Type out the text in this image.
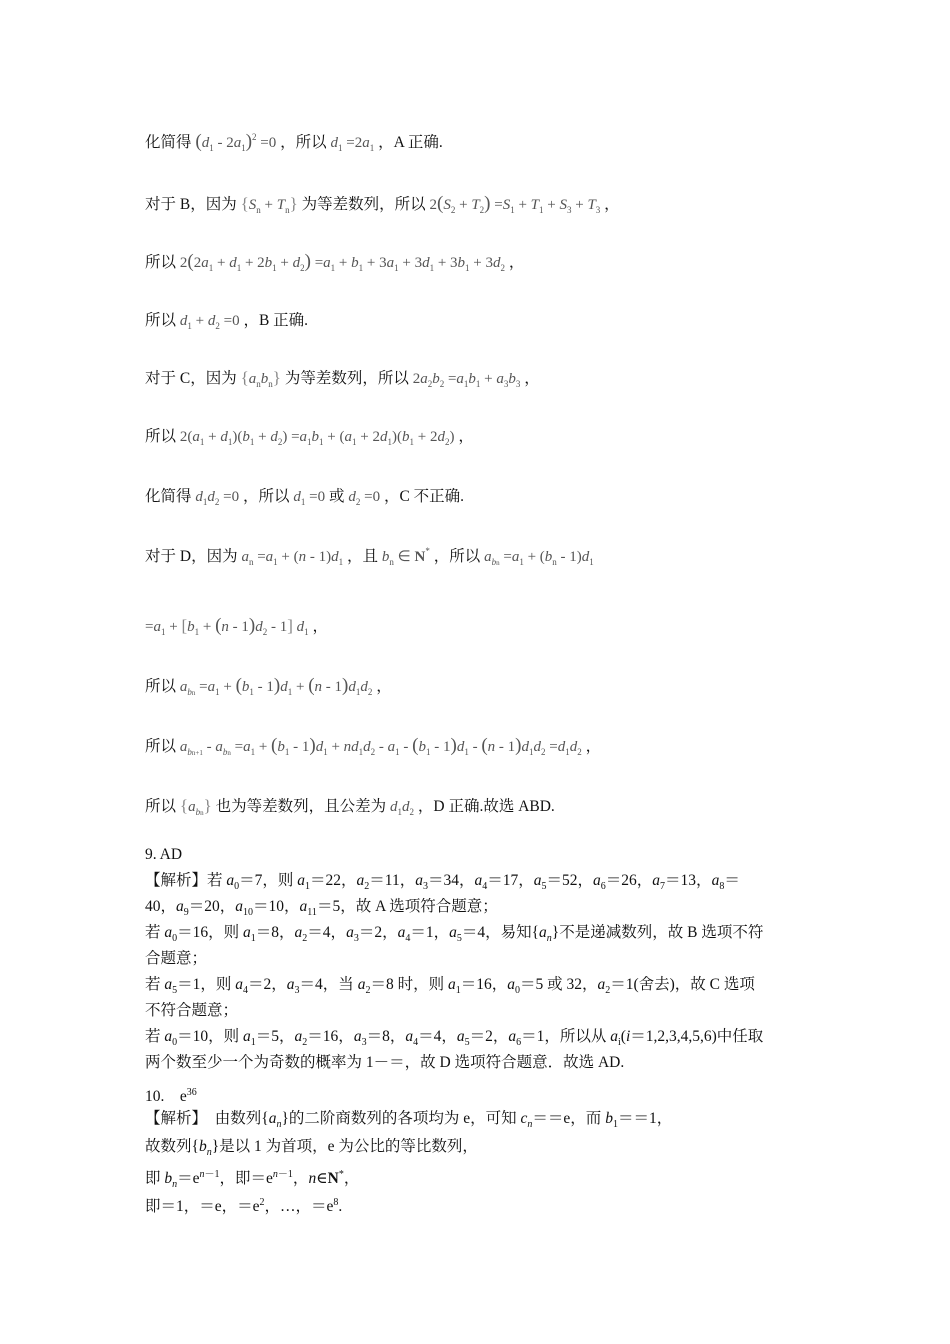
化简得 $(d_1 - 2a_1)^2 =0$ ，所以 $d_1 =2a_1$ ，A 正确.
对于 B，因为 $\{S_n + T_n\}$ 为等差数列，所以 $2(S_2 + T_2) =S_1 + T_1 + S_3 + T_3$ ，
所以 $2(2a_1 + d_1 + 2b_1 + d_2) =a_1 + b_1 + 3a_1 + 3d_1 + 3b_1 + 3d_2$ ，
所以 $d_1 + d_2 =0$ ，B 正确.
对于 C，因为 $\{a_nb_n\}$ 为等差数列，所以 $2a_2b_2 =a_1b_1 + a_3b_3$ ，
所以 $2(a_1 + d_1)(b_1 + d_2) =a_1b_1 + (a_1 + 2d_1)(b_1 + 2d_2)$ ，
化简得 $d_1d_2 =0$ ，所以 $d_1 =0$ 或 $d_2 =0$ ，C 不正确.
对于 D，因为 $a_n =a_1 + (n - 1)d_1$ ，且 $b_n$ ∈ N* ，所以 $a_{bn} =a_1 + (b_n - 1)d_1$
$=a_1 + [b_1 + (n - 1)d_2 - 1]$ $d_1$ ，
所以 $a_{bn} =a_1 + (b_1 - 1)d_1 + (n - 1)d_1d_2$ ，
所以 $a_{bn+1} - a_{bn} =a_1 + (b_1 - 1)d_1 + nd_1d_2 - a_1 - (b_1 - 1)d_1 - (n - 1)d_1d_2 =d_1d_2$ ，
所以 $\{a_{bn}\}$ 也为等差数列，且公差为 $d_1d_2$ ，D 正确.故选 ABD.
9. AD
【解析】若 $a_0=7$，则 $a_1=22$，$a_2=11$，$a_3=34$，$a_4=17$，$a_5=52$，$a_6=26$，$a_7=13$，$a_8=$
40，$a_9=20$，$a_{10}=10$，$a_{11}=5$，故 A 选项符合题意；
若 $a_0=16$，则 $a_1=8$，$a_2=4$，$a_3=2$，$a_4=1$，$a_5=4$，易知$\{a_n\}$不是递减数列，故 B 选项不符
合题意；
若 $a_5=1$，则 $a_4=2$，$a_3=4$，当 $a_2=8$ 时，则 $a_1=16$，$a_0=5$ 或 32，$a_2=1$(舍去)，故 C 选项
不符合题意；
若 $a_0=10$，则 $a_1=5$，$a_2=16$，$a_3=8$，$a_4=4$，$a_5=2$，$a_6=1$，所以从 $a_i(i=1,2,3,4,5,6)$中任取
两个数至少一个为奇数的概率为 1－＝，故 D 选项符合题意．故选 AD.
10.　$e^{36}$
【解析】　由数列$\{a_n\}$的二阶商数列的各项均为 e，可知 $c_n==e$，而 $b_1==1$，
故数列$\{b_n\}$是以 1 为首项，e 为公比的等比数列，
即 $b_n=e^{n-1}$，即$=e^{n-1}$，n∈N*，
即＝1，＝e，$=e^2$，…，$=e^8$.
